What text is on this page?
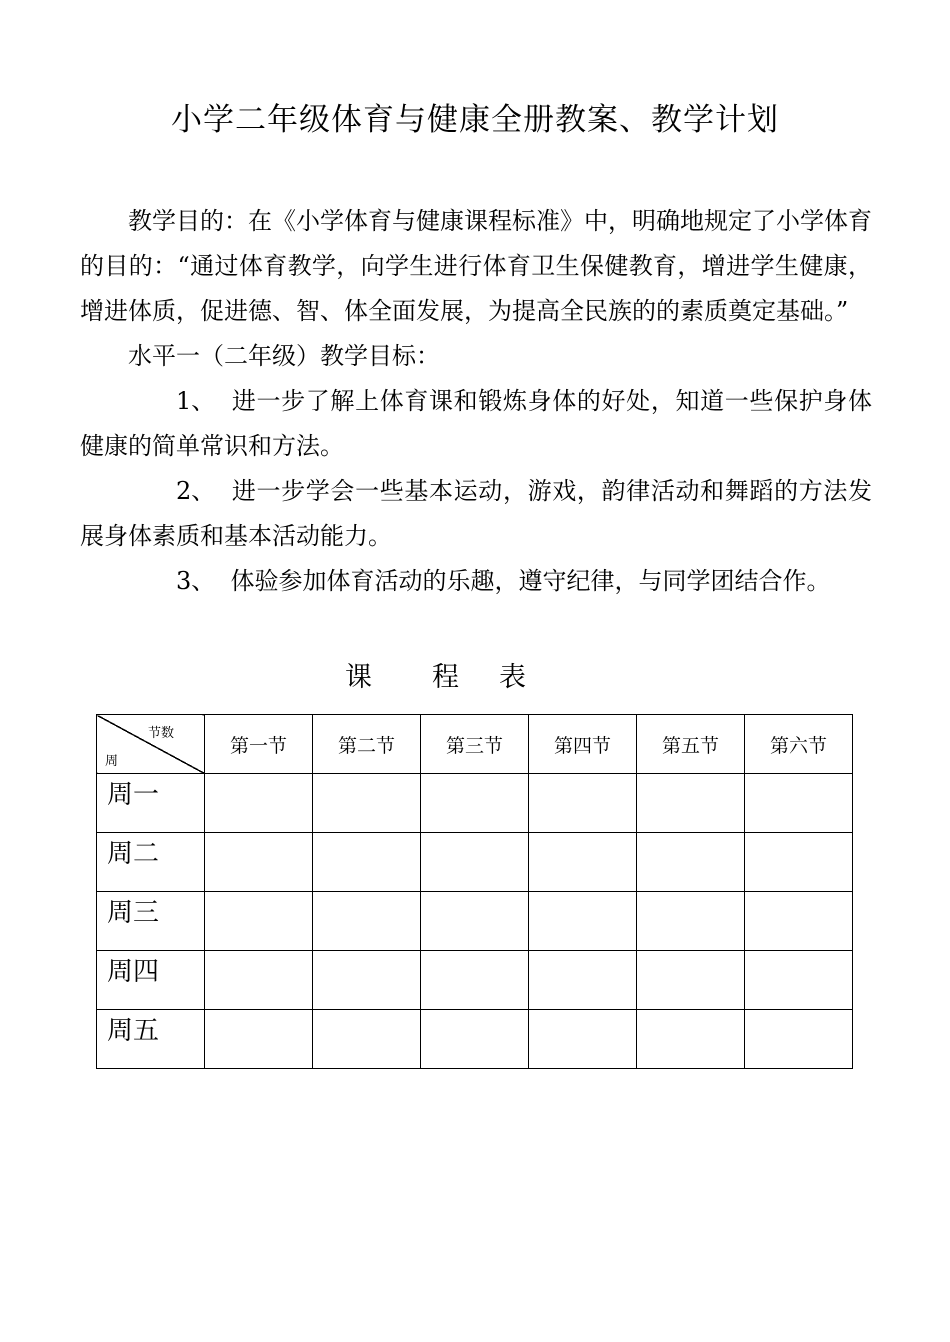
小学二年级体育与健康全册教案、教学计划

教学目的：在《小学体育与健康课程标准》中，明确地规定了小学体育的目的：“通过体育教学，向学生进行体育卫生保健教育，增进学生健康，增进体质，促进德、智、体全面发展，为提高全民族的的素质奠定基础。”

水平一（二年级）教学目标：

1、 进一步了解上体育课和锻炼身体的好处，知道一些保护身体健康的简单常识和方法。

2、 进一步学会一些基本运动，游戏，韵律活动和舞蹈的方法发展身体素质和基本活动能力。

3、 体验参加体育活动的乐趣，遵守纪律，与同学团结合作。

课 程 表
节数
周	第一节	第二节	第三节	第四节	第五节	第六节
周一						
周二						
周三						
周四						
周五						
